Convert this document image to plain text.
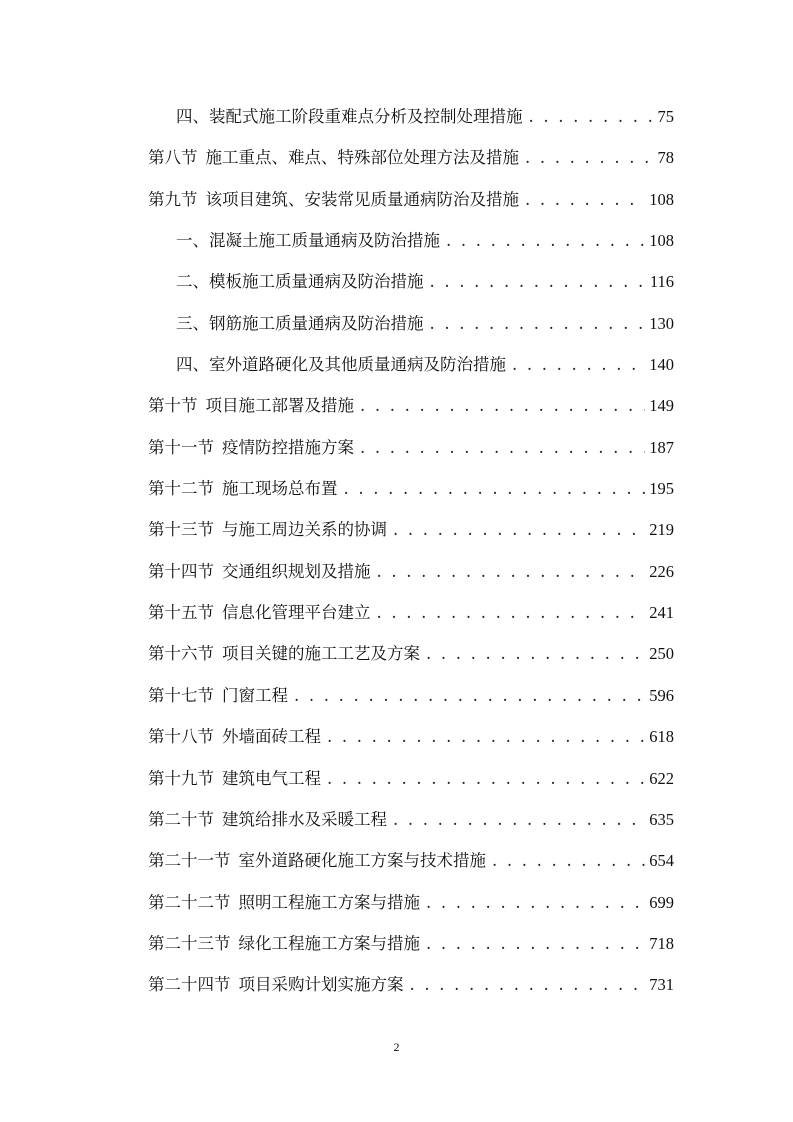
四、装配式施工阶段重难点分析及控制处理措施 . . .	75
第八节 施工重点、难点、特殊部位处理方法及措施 . . .	78
第九节 该项目建筑、安装常见质量通病防治及措施 . . .	108
一、混凝土施工质量通病及防治措施 . . .	108
二、模板施工质量通病及防治措施 . . .	116
三、钢筋施工质量通病及防治措施 . . .	130
四、室外道路硬化及其他质量通病及防治措施 . . .	140
第十节 项目施工部署及措施 . . .	149
第十一节 疫情防控措施方案 . . .	187
第十二节 施工现场总布置 . . .	195
第十三节 与施工周边关系的协调 . . .	219
第十四节 交通组织规划及措施 . . .	226
第十五节 信息化管理平台建立 . . .	241
第十六节 项目关键的施工工艺及方案 . . .	250
第十七节 门窗工程 . . .	596
第十八节 外墙面砖工程 . . .	618
第十九节 建筑电气工程 . . .	622
第二十节 建筑给排水及采暖工程 . . .	635
第二十一节 室外道路硬化施工方案与技术措施 . . .	654
第二十二节 照明工程施工方案与措施 . . .	699
第二十三节 绿化工程施工方案与措施 . . .	718
第二十四节 项目采购计划实施方案 . . .	731
2
